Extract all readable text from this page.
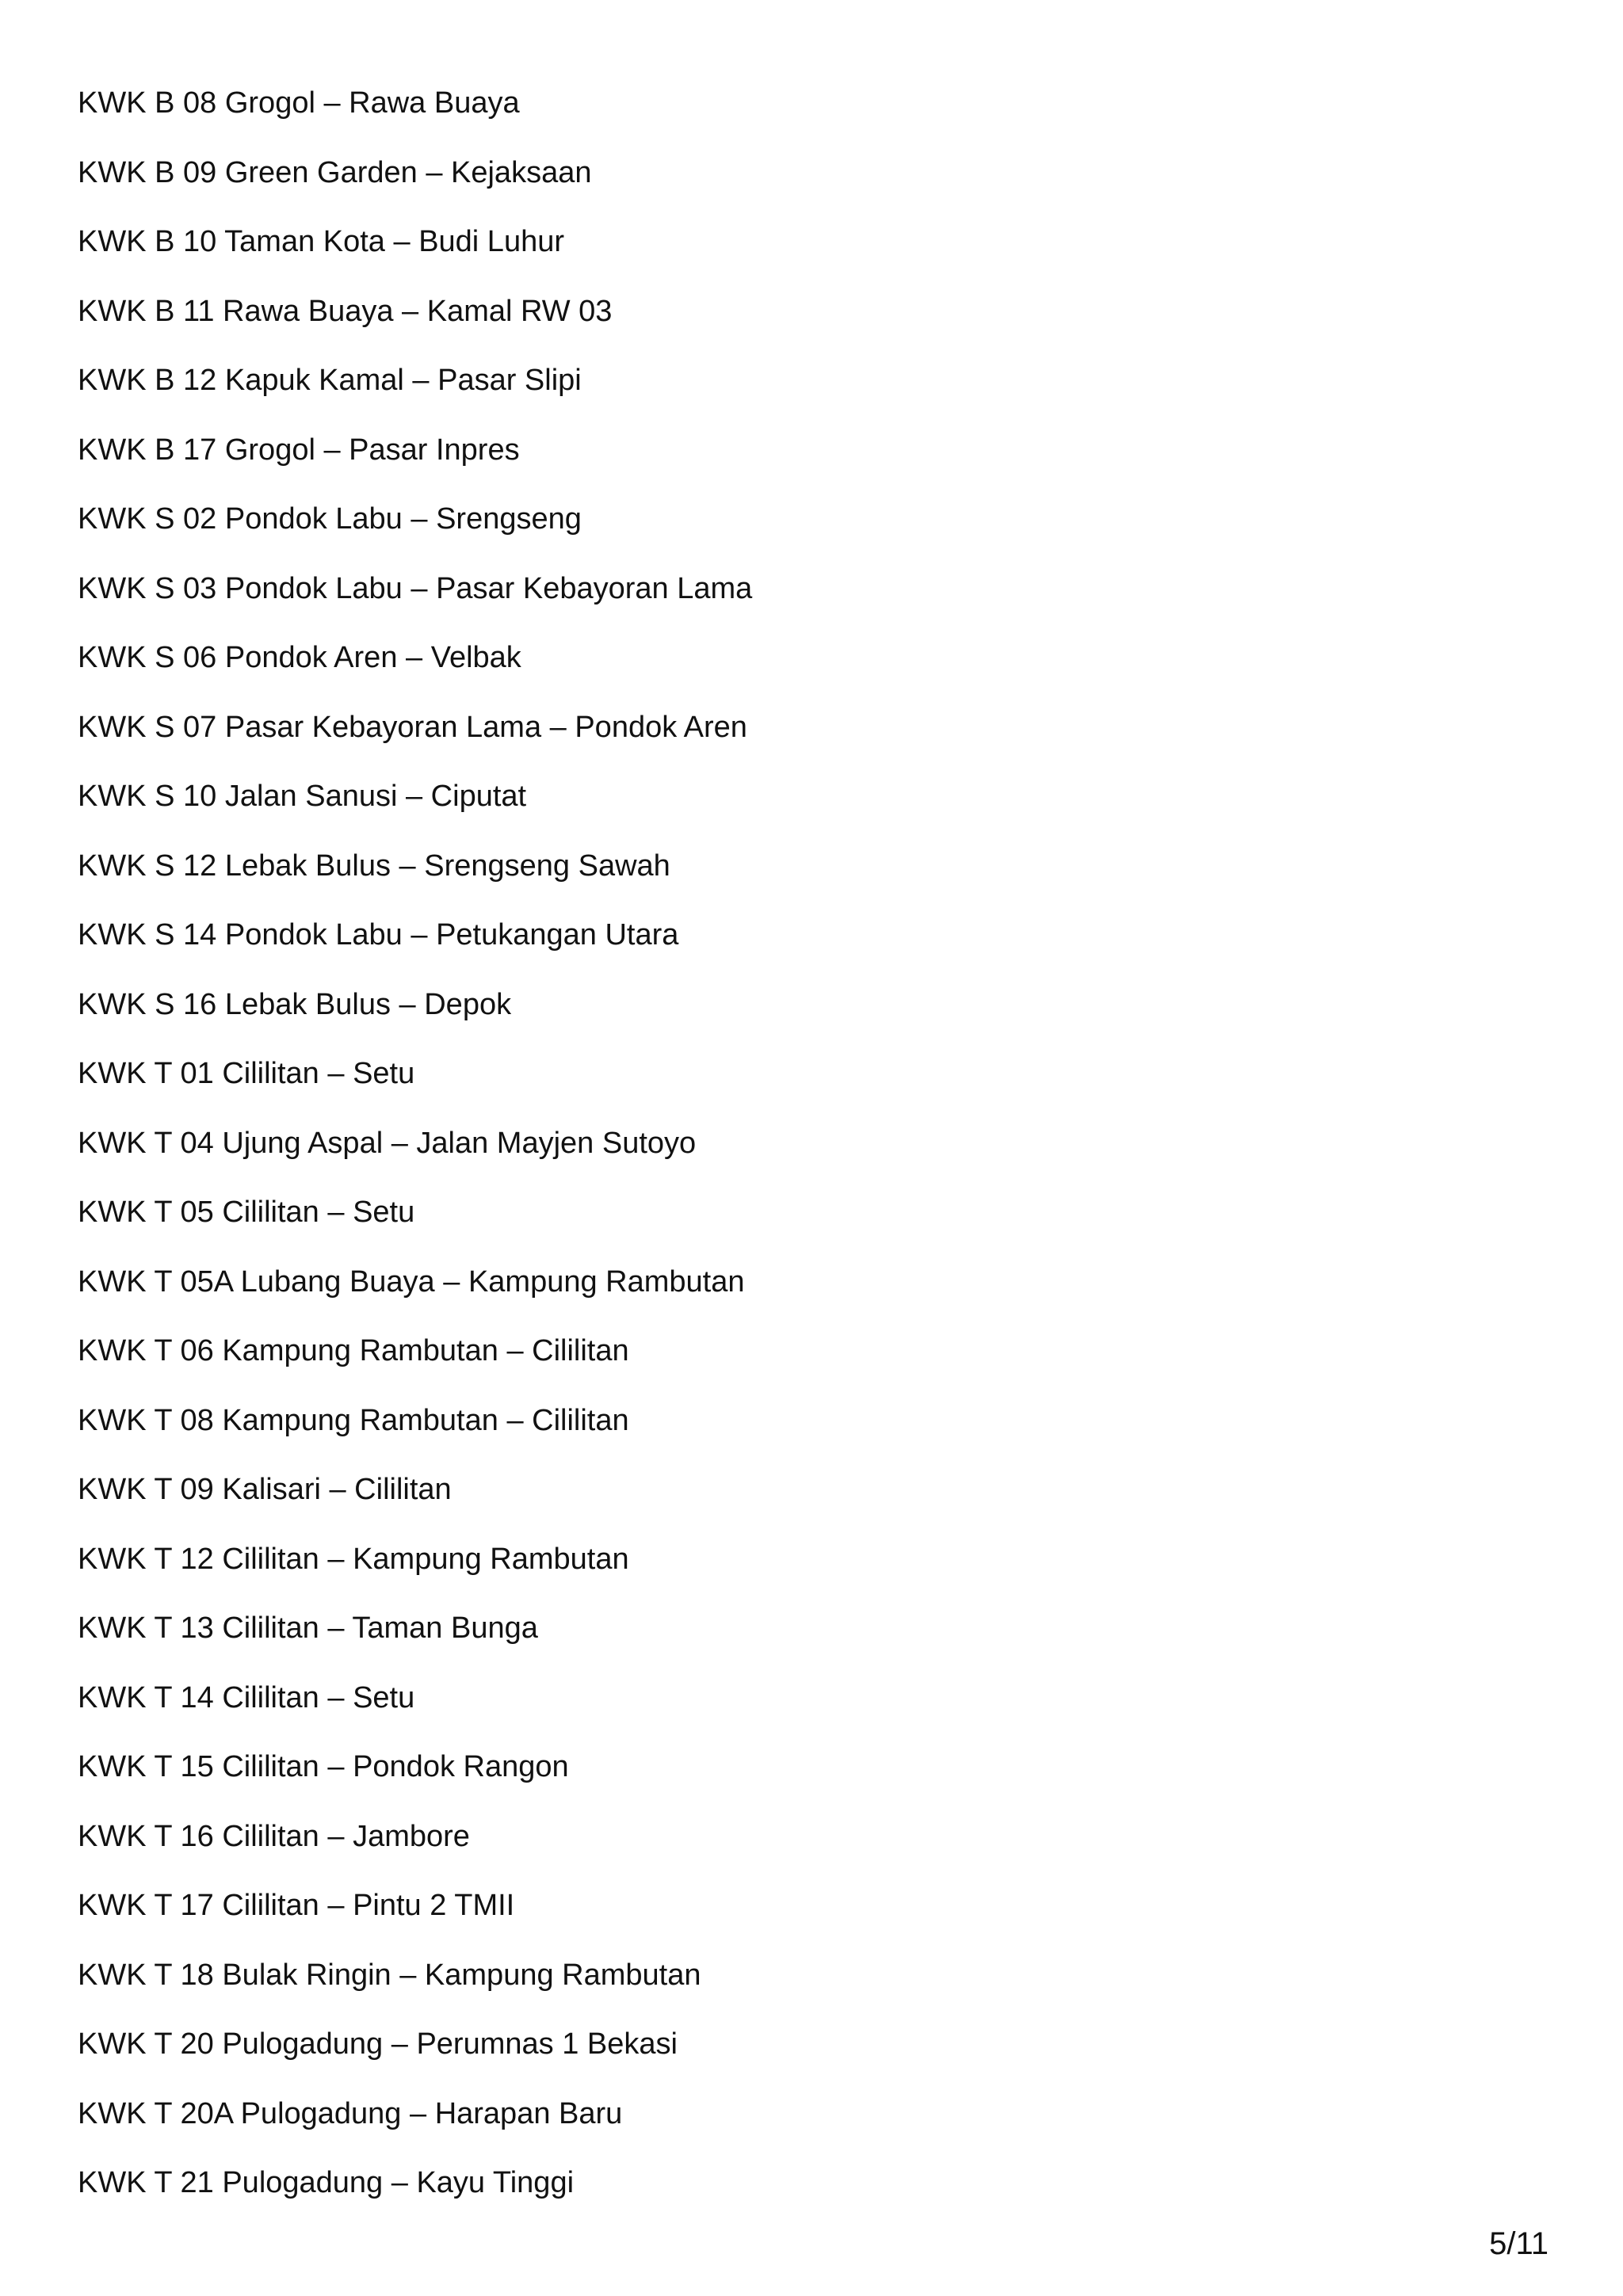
KWK B 08 Grogol – Rawa Buaya
KWK B 09 Green Garden – Kejaksaan
KWK B 10 Taman Kota – Budi Luhur
KWK B 11 Rawa Buaya – Kamal RW 03
KWK B 12 Kapuk Kamal – Pasar Slipi
KWK B 17 Grogol – Pasar Inpres
KWK S 02 Pondok Labu – Srengseng
KWK S 03 Pondok Labu – Pasar Kebayoran Lama
KWK S 06 Pondok Aren – Velbak
KWK S 07 Pasar Kebayoran Lama – Pondok Aren
KWK S 10 Jalan Sanusi – Ciputat
KWK S 12 Lebak Bulus – Srengseng Sawah
KWK S 14 Pondok Labu – Petukangan Utara
KWK S 16 Lebak Bulus – Depok
KWK T 01 Cililitan – Setu
KWK T 04 Ujung Aspal – Jalan Mayjen Sutoyo
KWK T 05 Cililitan – Setu
KWK T 05A Lubang Buaya – Kampung Rambutan
KWK T 06 Kampung Rambutan – Cililitan
KWK T 08 Kampung Rambutan – Cililitan
KWK T 09 Kalisari – Cililitan
KWK T 12 Cililitan – Kampung Rambutan
KWK T 13 Cililitan – Taman Bunga
KWK T 14 Cililitan – Setu
KWK T 15 Cililitan – Pondok Rangon
KWK T 16 Cililitan – Jambore
KWK T 17 Cililitan – Pintu 2 TMII
KWK T 18 Bulak Ringin – Kampung Rambutan
KWK T 20 Pulogadung – Perumnas 1 Bekasi
KWK T 20A Pulogadung – Harapan Baru
KWK T 21 Pulogadung – Kayu Tinggi
5/11
